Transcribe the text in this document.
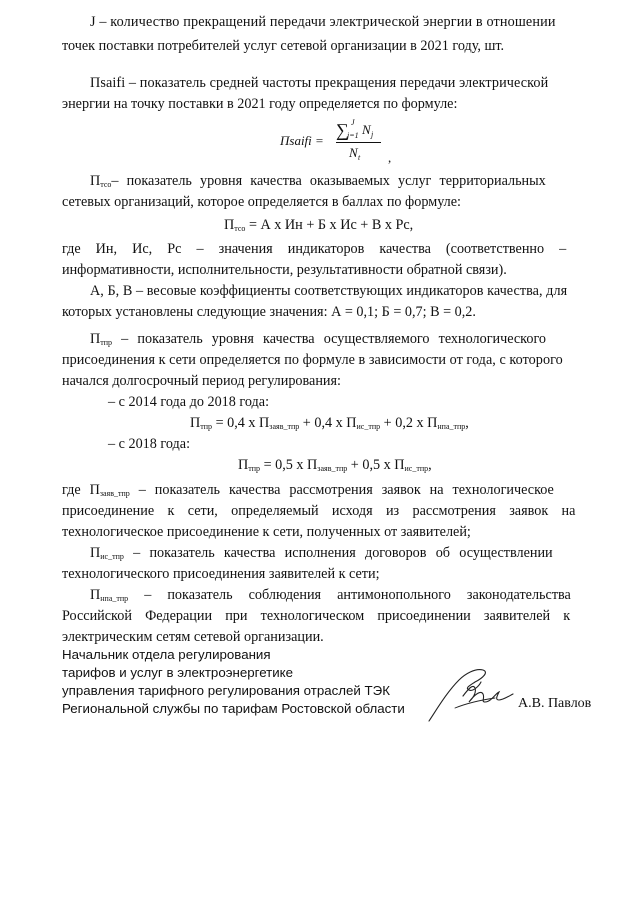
J – количество прекращений передачи электрической энергии в отношении
точек поставки потребителей услуг сетевой организации в 2021 году, шт.
Пsaifi – показатель средней частоты прекращения передачи электрической
энергии на точку поставки в 2021 году определяется по формуле:
Пsaifi =
∑ J
j=1 N j
N t ,
$П_{тсо}-$ показатель уровня качества оказываемых услуг территориальных
сетевых организаций, которое определяется в баллах по формуле:
$П_{тсо} = А$ х Ин + Б х Ис + В х Рс,
где Ин, Ис, Рс – значения индикаторов качества (соответственно –
информативности, исполнительности, результативности обратной связи).
А, Б, В – весовые коэффициенты соответствующих индикаторов качества, для
которых установлены следующие значения: А = 0,1; Б = 0,7; В = 0,2.
$П_{тпр}$ – показатель уровня качества осуществляемого технологического
присоединения к сети определяется по формуле в зависимости от года, с которого
начался долгосрочный период регулирования:
– с 2014 года до 2018 года:
$П_{тпр} = 0,4$ х $П_{заяв\_тпр} + 0,4$ х $П_{ис\_тпр} + 0,2$ х $П_{нпа\_тпр}$,
– с 2018 года:
$П_{тпр} = 0,5$ х $П_{заяв\_тпр} + 0,5$ х $П_{ис\_тпр}$,
где $П_{заяв\_тпр}$ – показатель качества рассмотрения заявок на технологическое
присоединение к сети, определяемый исходя из рассмотрения заявок на
технологическое присоединение к сети, полученных от заявителей;
$П_{ис\_тпр}$ – показатель качества исполнения договоров об осуществлении
технологического присоединения заявителей к сети;
$П_{нпа\_тпр}$ – показатель соблюдения антимонопольного законодательства
Российской Федерации при технологическом присоединении заявителей к
электрическим сетям сетевой организации.
Начальник отдела регулирования
тарифов и услуг в электроэнергетике
управления тарифного регулирования отраслей ТЭК
Региональной службы по тарифам Ростовской области	А.В. Павлов
